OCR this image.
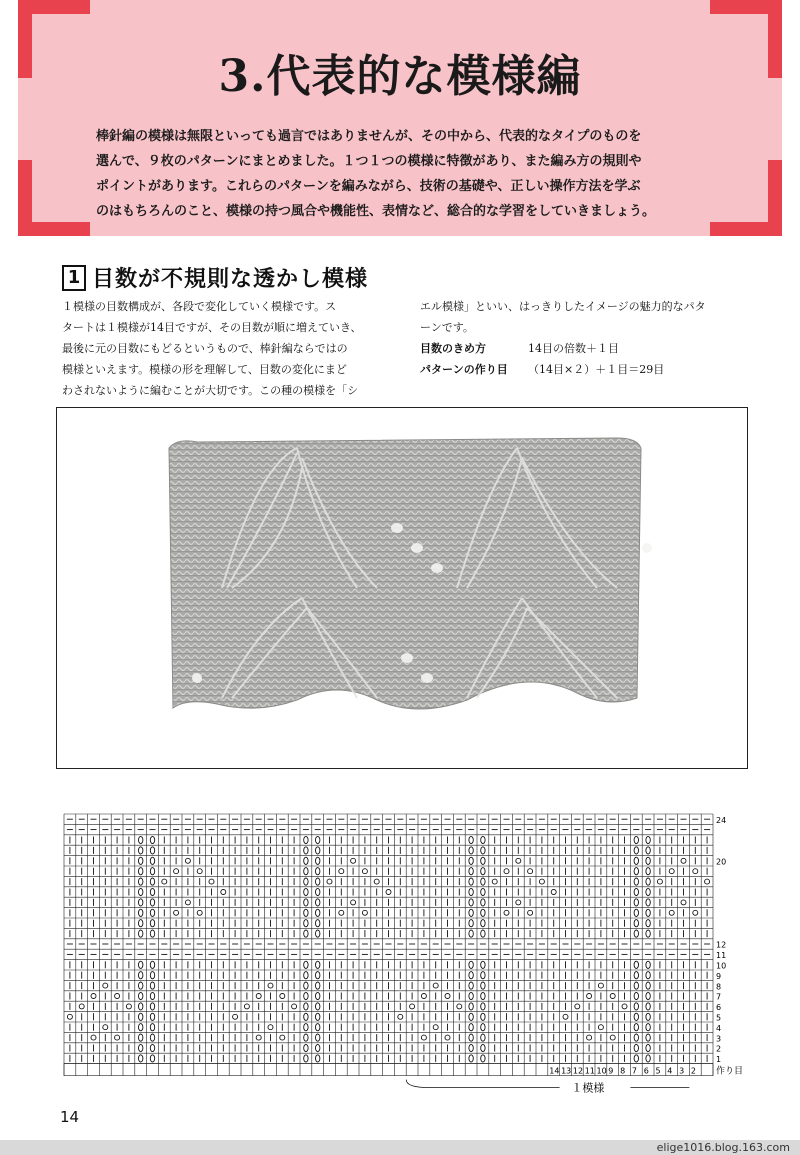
3.代表的な模様編
棒針編の模様は無限といっても過言ではありませんが、その中から、代表的なタイプのものを
選んで、９枚のパターンにまとめました。１つ１つの模様に特徴があり、また編み方の規則や
ポイントがあります。これらのパターンを編みながら、技術の基礎や、正しい操作方法を学ぶ
のはもちろんのこと、模様の持つ風合や機能性、表情など、総合的な学習をしていきましょう。
1 目数が不規則な透かし模様
１模様の目数構成が、各段で変化していく模様です。ス
タートは１模様が14目ですが、その目数が順に増えていき、
最後に元の目数にもどるというもので、棒針編ならではの
模様といえます。模様の形を理解して、目数の変化にまど
わされないように編むことが大切です。この種の模様を「シ
エル模様」といい、はっきりしたイメージの魅力的なパタ
ーンです。
目数のきめ方	14目の倍数＋１目
パターンの作り目	（14目×２）＋１目＝29目
24
20
12
11
10
9
8
7
6
5
4
3
2
1
14 13 12 11 10 9 8 7 6 5 4 3 2 作り目
１模様
14
elige1016.blog.163.com
